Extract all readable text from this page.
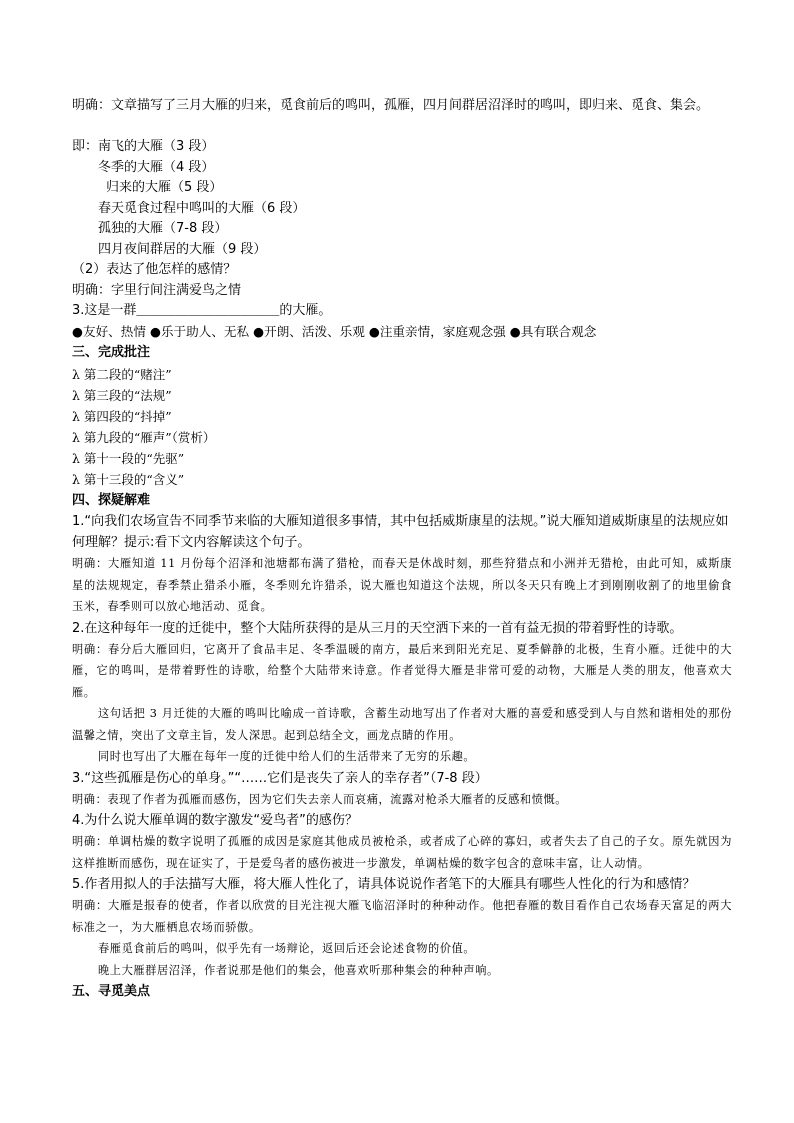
明确：文章描写了三月大雁的归来，觅食前后的鸣叫，孤雁，四月间群居沼泽时的鸣叫，即归来、觅食、集会。
即：南飞的大雁（3 段）
冬季的大雁（4 段）
归来的大雁（5 段）
春天觅食过程中鸣叫的大雁（6 段）
孤独的大雁（7-8 段）
四月夜间群居的大雁（9 段）
（2）表达了他怎样的感情？
明确：字里行间注满爱鸟之情
3.这是一群＿＿＿＿＿＿＿＿＿＿＿的大雁。
●友好、热情 ●乐于助人、无私 ●开朗、活泼、乐观 ●注重亲情，家庭观念强 ●具有联合观念
三、完成批注
λ 第二段的“赌注”
λ 第三段的“法规”
λ 第四段的“抖掉”
λ 第九段的“雁声”（赏析）
λ 第十一段的“先驱”
λ 第十三段的“含义”
四、探疑解难
1.“向我们农场宣告不同季节来临的大雁知道很多事情，其中包括威斯康星的法规。”说大雁知道威斯康星的法规应如何理解？提示:看下文内容解读这个句子。
明确：大雁知道 11 月份每个沼泽和池塘都布满了猎枪，而春天是休战时刻，那些狩猎点和小洲并无猎枪，由此可知，威斯康星的法规规定，春季禁止猎杀小雁，冬季则允许猎杀，说大雁也知道这个法规，所以冬天只有晚上才到刚刚收割了的地里偷食玉米，春季则可以放心地活动、觅食。
2.在这种每年一度的迁徙中，整个大陆所获得的是从三月的天空洒下来的一首有益无损的带着野性的诗歌。
明确：春分后大雁回归，它离开了食品丰足、冬季温暖的南方，最后来到阳光充足、夏季僻静的北极，生育小雁。迁徙中的大雁，它的鸣叫，是带着野性的诗歌，给整个大陆带来诗意。作者觉得大雁是非常可爱的动物，大雁是人类的朋友，他喜欢大雁。
这句话把 3 月迁徙的大雁的鸣叫比喻成一首诗歌，含蓄生动地写出了作者对大雁的喜爱和感受到人与自然和谐相处的那份温馨之情，突出了文章主旨，发人深思。起到总结全文，画龙点睛的作用。
同时也写出了大雁在每年一度的迁徙中给人们的生活带来了无穷的乐趣。
3.“这些孤雁是伤心的单身。”“……它们是丧失了亲人的幸存者”（7-8 段）
明确：表现了作者为孤雁而感伤，因为它们失去亲人而哀痛，流露对枪杀大雁者的反感和愤慨。
4.为什么说大雁单调的数字激发“爱鸟者”的感伤？
明确：单调枯燥的数字说明了孤雁的成因是家庭其他成员被枪杀，或者成了心碎的寡妇，或者失去了自己的子女。原先就因为这样推断而感伤，现在证实了，于是爱鸟者的感伤被进一步激发，单调枯燥的数字包含的意味丰富，让人动情。
5.作者用拟人的手法描写大雁，将大雁人性化了，请具体说说作者笔下的大雁具有哪些人性化的行为和感情？
明确：大雁是报春的使者，作者以欣赏的目光注视大雁飞临沼泽时的种种动作。他把春雁的数目看作自己农场春天富足的两大标准之一，为大雁栖息农场而骄傲。
春雁觅食前后的鸣叫，似乎先有一场辩论，返回后还会论述食物的价值。
晚上大雁群居沼泽，作者说那是他们的集会，他喜欢听那种集会的种种声响。
五、寻觅美点
